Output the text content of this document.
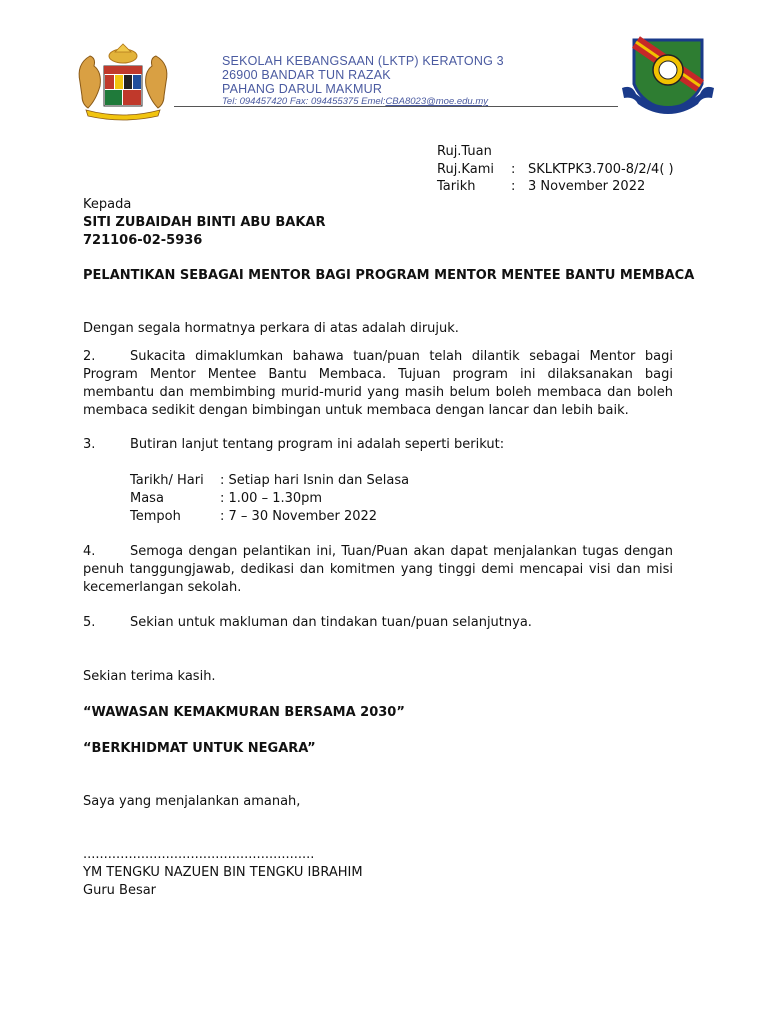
SEKOLAH KEBANGSAAN (LKTP) KERATONG 3
26900 BANDAR TUN RAZAK
PAHANG DARUL MAKMUR
Tel: 094457420 Fax: 094455375 Emel:CBA8023@moe.edu.my
Ruj.Tuan
Ruj.Kami : SKLKTPK3.700-8/2/4( )
Tarikh	: 3 November 2022
Kepada
SITI ZUBAIDAH BINTI ABU BAKAR
721106-02-5936
PELANTIKAN SEBAGAI MENTOR BAGI PROGRAM MENTOR MENTEE BANTU MEMBACA
Dengan segala hormatnya perkara di atas adalah dirujuk.
2.	Sukacita dimaklumkan bahawa tuan/puan telah dilantik sebagai Mentor bagi Program Mentor Mentee Bantu Membaca. Tujuan program ini dilaksanakan bagi membantu dan membimbing murid-murid yang masih belum boleh membaca dan boleh membaca sedikit dengan bimbingan untuk membaca dengan lancar dan lebih baik.
3.	Butiran lanjut tentang program ini adalah seperti berikut:
Tarikh/ Hari : Setiap hari Isnin dan Selasa
Masa	: 1.00 – 1.30pm
Tempoh	: 7 – 30 November 2022
4.	Semoga dengan pelantikan ini, Tuan/Puan akan dapat menjalankan tugas dengan penuh tanggungjawab, dedikasi dan komitmen yang tinggi demi mencapai visi dan misi kecemerlangan sekolah.
5.	Sekian untuk makluman dan tindakan tuan/puan selanjutnya.
Sekian terima kasih.
“WAWASAN KEMAKMURAN BERSAMA 2030”
“BERKHIDMAT UNTUK NEGARA”
Saya yang menjalankan amanah,
........................................................
YM TENGKU NAZUEN BIN TENGKU IBRAHIM
Guru Besar
